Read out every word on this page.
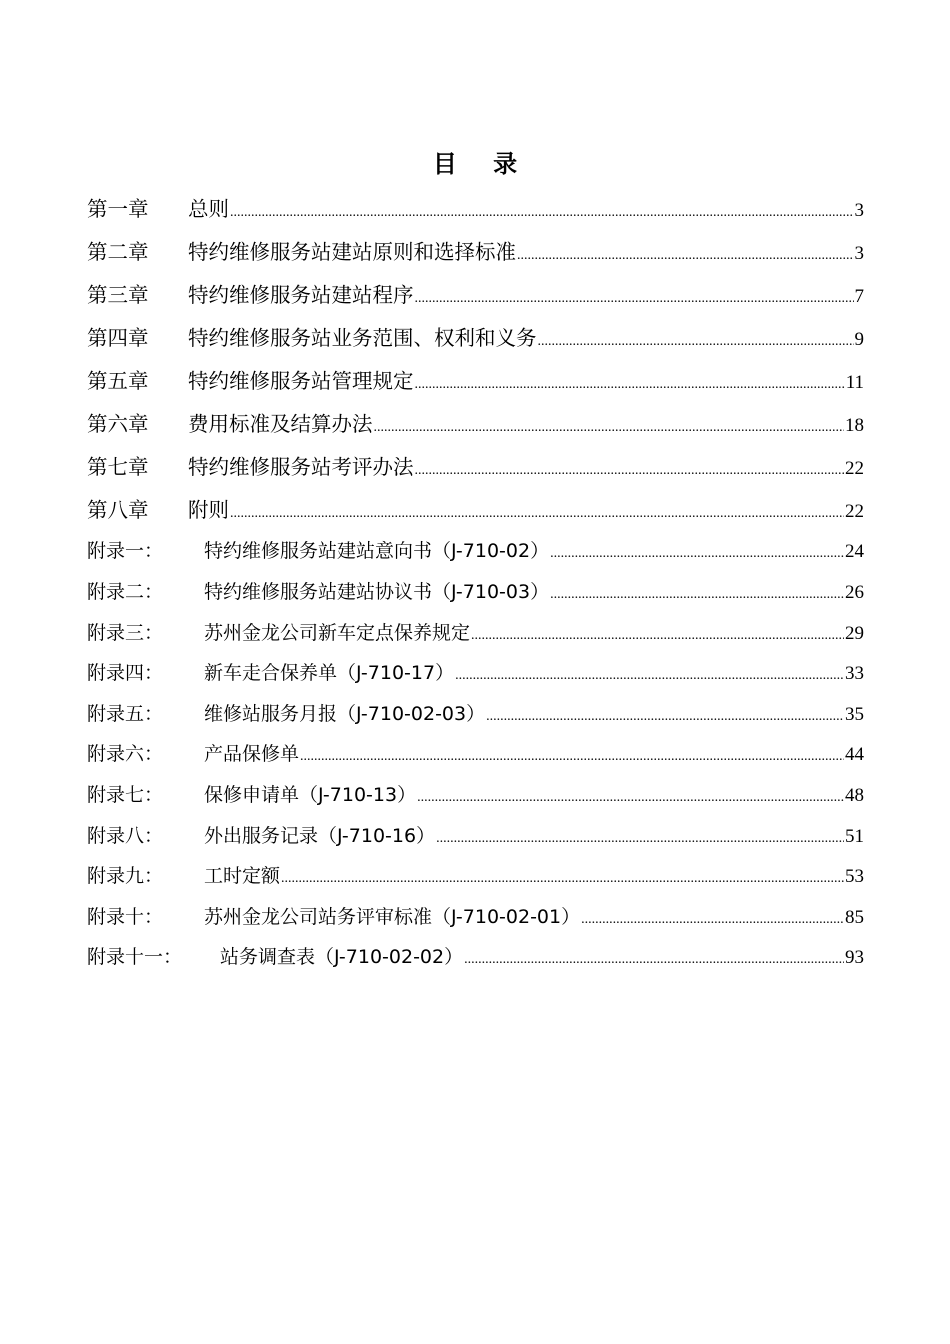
目 录
第一章	总则 .....	3
第二章	特约维修服务站建站原则和选择标准 .....	3
第三章	特约维修服务站建站程序 .....	7
第四章	特约维修服务站业务范围、权利和义务 .....	9
第五章	特约维修服务站管理规定 .....	11
第六章	费用标准及结算办法 .....	18
第七章	特约维修服务站考评办法 .....	22
第八章	附则 .....	22
附录一：	特约维修服务站建站意向书（J-710-02） .....	24
附录二：	特约维修服务站建站协议书（J-710-03） .....	26
附录三：	苏州金龙公司新车定点保养规定 .....	29
附录四：	新车走合保养单（J-710-17） .....	33
附录五：	维修站服务月报（J-710-02-03） .....	35
附录六：	产品保修单 .....	44
附录七：	保修申请单（J-710-13） .....	48
附录八：	外出服务记录（J-710-16） .....	51
附录九：	工时定额 .....	53
附录十：	苏州金龙公司站务评审标准（J-710-02-01） .....	85
附录十一：	站务调查表（J-710-02-02） .....	93
